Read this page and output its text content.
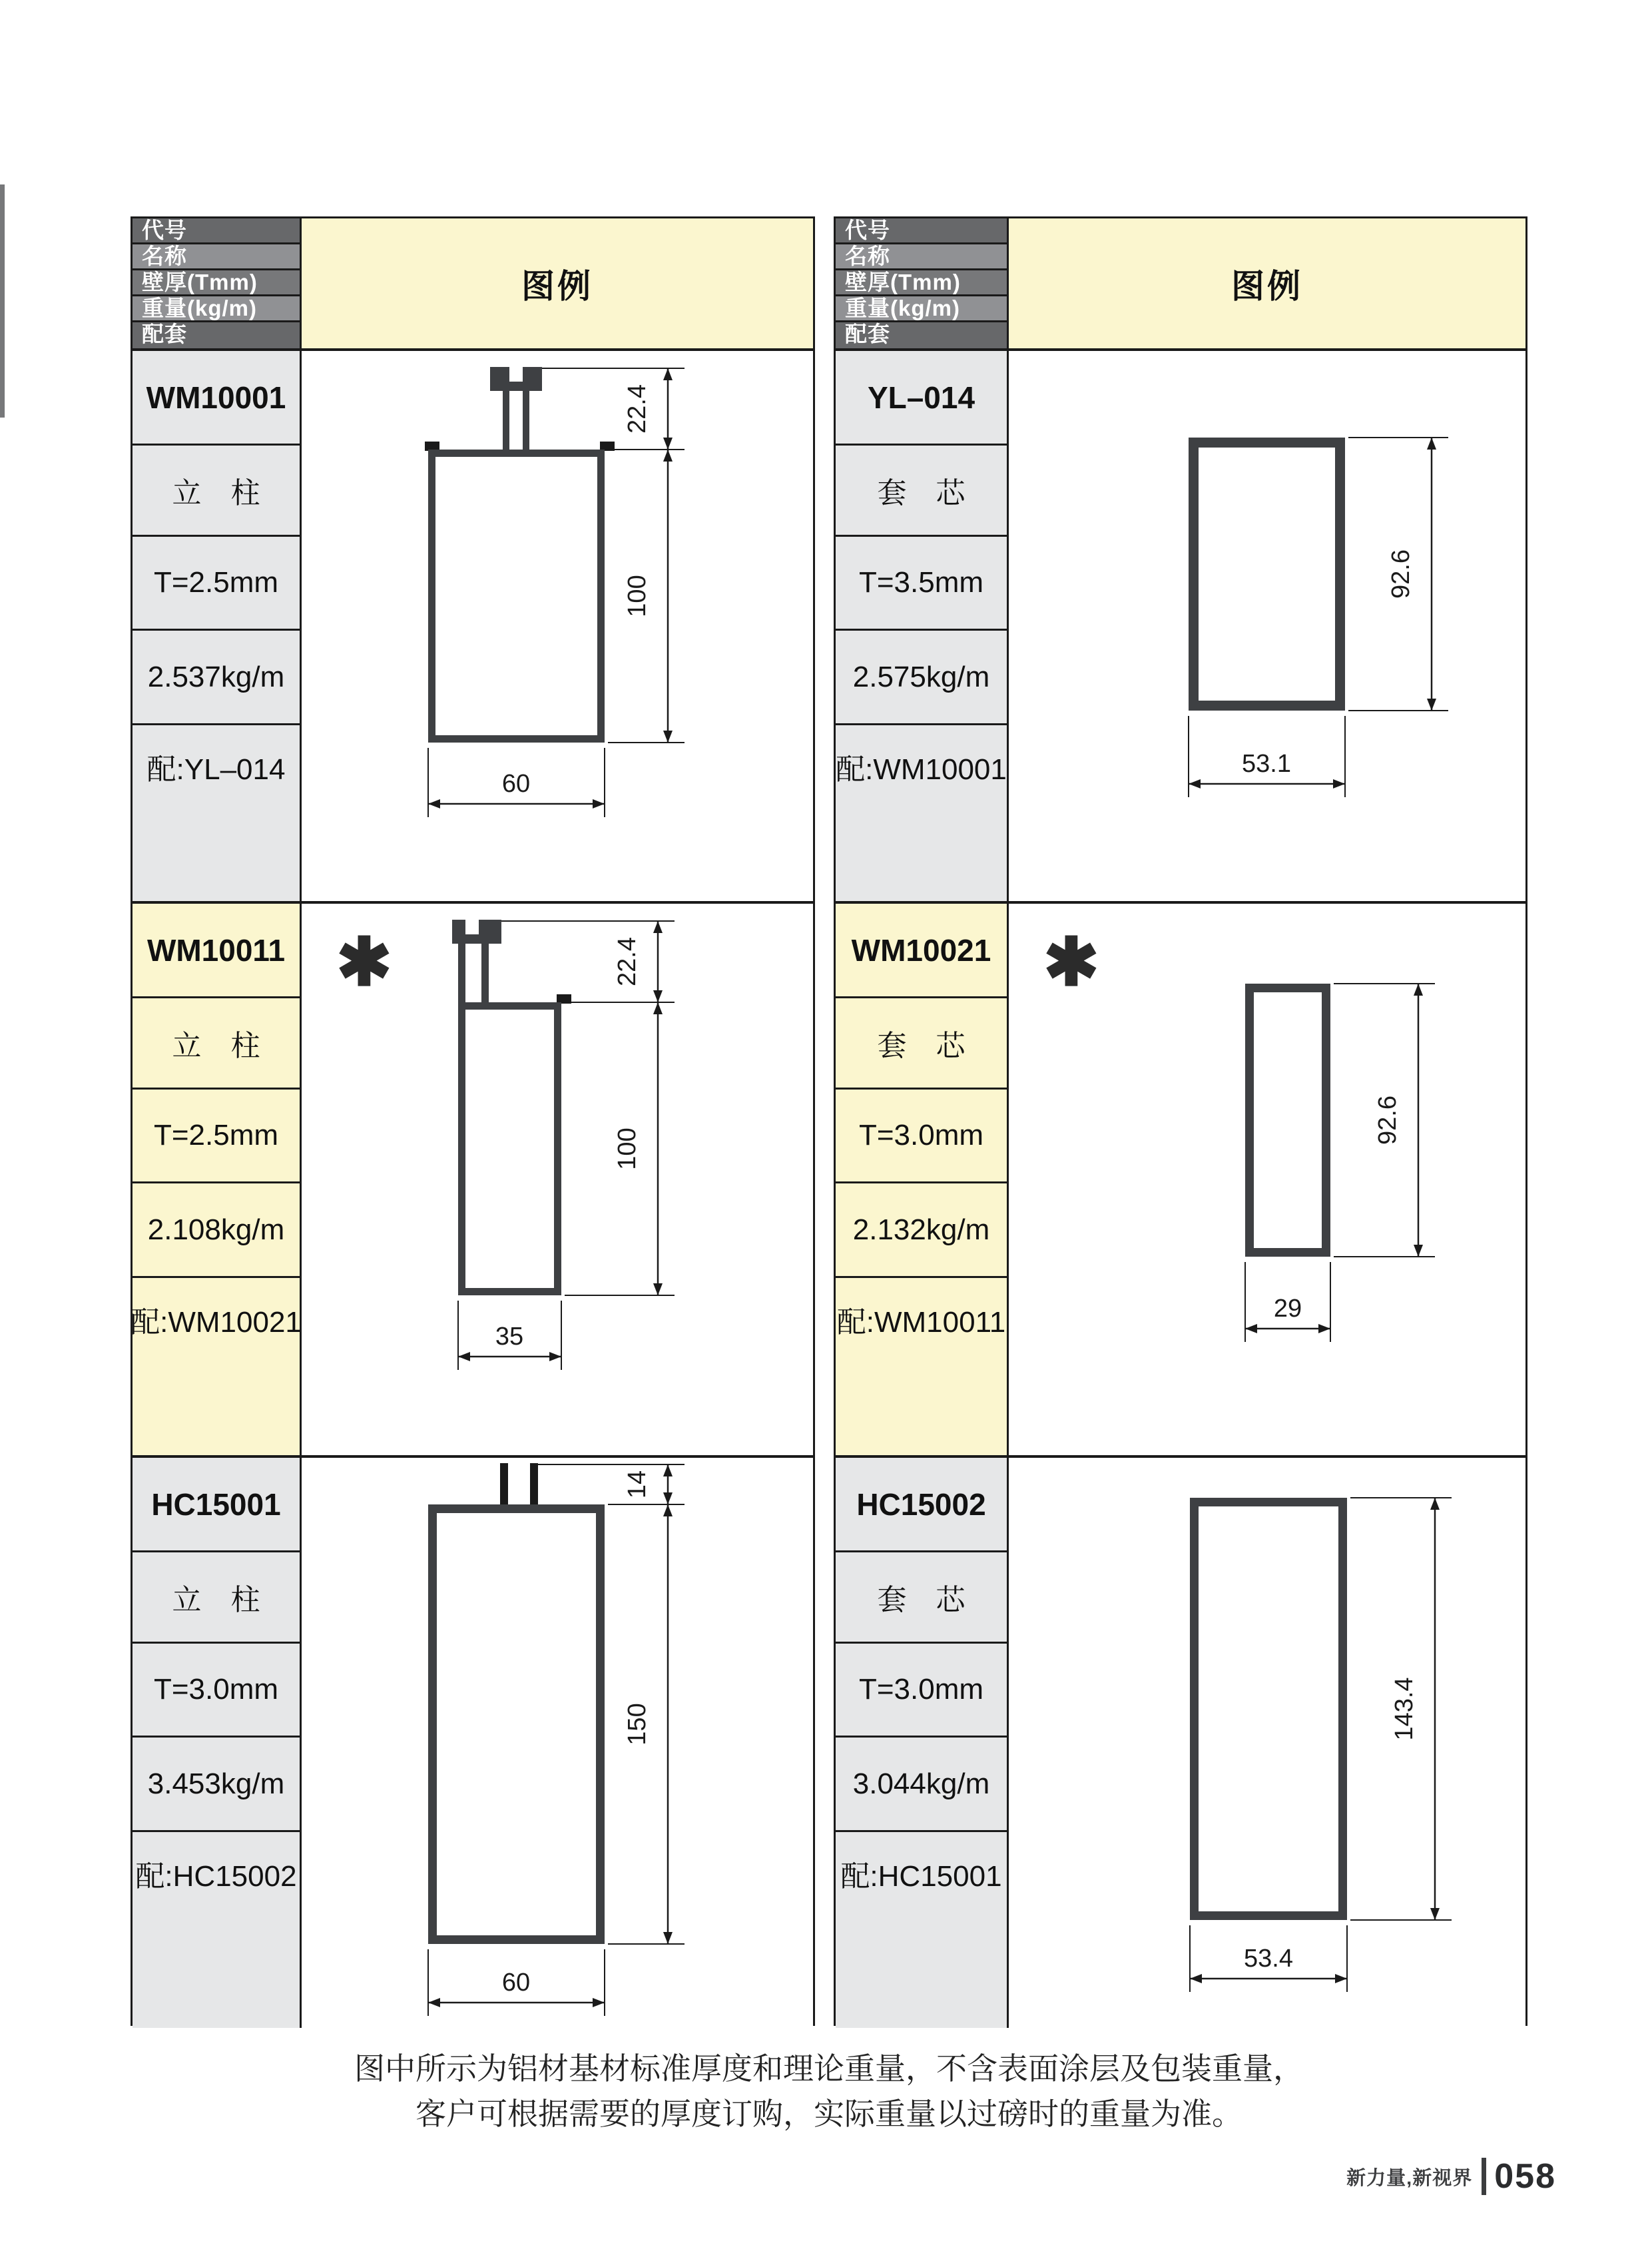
代号
名称
壁厚(Tmm)
重量(kg/m)
配套
图例
WM10001
立　柱
T=2.5mm
2.537kg/m
配:YL–014
22.4
100
60
WM10011
立　柱
T=2.5mm
2.108kg/m
配:WM10021
✱	22.4
100
35
HC15001
立　柱
T=3.0mm
3.453kg/m
配:HC15002
14
150
60
代号
名称
壁厚(Tmm)
重量(kg/m)
配套
图例
YL–014
套　芯
T=3.5mm
2.575kg/m
配:WM10001
92.6
53.1
WM10021
套　芯
T=3.0mm
2.132kg/m
配:WM10011
✱
92.6
29
HC15002
套　芯
T=3.0mm
3.044kg/m
配:HC15001
143.4
53.4
图中所示为铝材基材标准厚度和理论重量，不含表面涂层及包装重量，
客户可根据需要的厚度订购，实际重量以过磅时的重量为准。
新力量,新视界 058
